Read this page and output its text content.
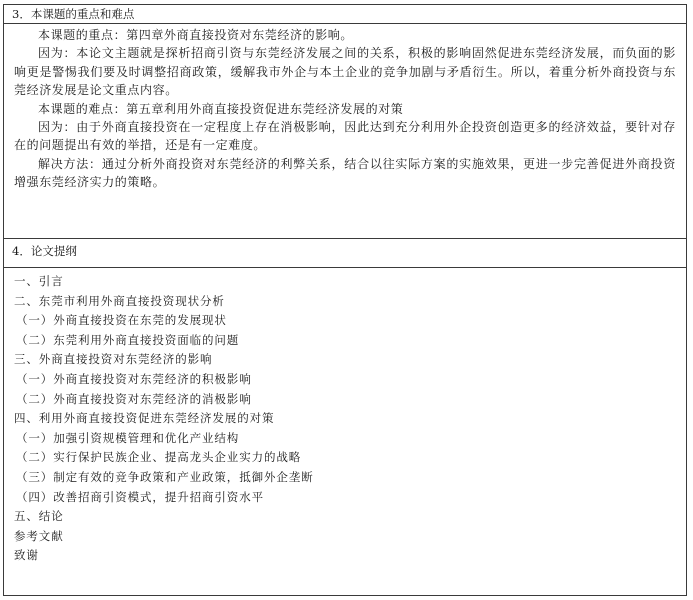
3．本课题的重点和难点

本课题的重点：第四章外商直接投资对东莞经济的影响。

因为：本论文主题就是探析招商引资与东莞经济发展之间的关系，积极的影响固然促进东莞经济发展，而负面的影响更是警惕我们要及时调整招商政策，缓解我市外企与本土企业的竞争加剧与矛盾衍生。所以，着重分析外商投资与东莞经济发展是论文重点内容。

本课题的难点：第五章利用外商直接投资促进东莞经济发展的对策

因为：由于外商直接投资在一定程度上存在消极影响，因此达到充分利用外企投资创造更多的经济效益，要针对存在的问题提出有效的举措，还是有一定难度。

解决方法：通过分析外商投资对东莞经济的利弊关系，结合以往实际方案的实施效果，更进一步完善促进外商投资增强东莞经济实力的策略。

4．论文提纲
一、引言
二、东莞市利用外商直接投资现状分析
（一）外商直接投资在东莞的发展现状
（二）东莞利用外商直接投资面临的问题
三、外商直接投资对东莞经济的影响
（一）外商直接投资对东莞经济的积极影响
（二）外商直接投资对东莞经济的消极影响
四、利用外商直接投资促进东莞经济发展的对策
（一）加强引资规模管理和优化产业结构
（二）实行保护民族企业、提高龙头企业实力的战略
（三）制定有效的竞争政策和产业政策，抵御外企垄断
（四）改善招商引资模式，提升招商引资水平
五、结论
参考文献
致谢
